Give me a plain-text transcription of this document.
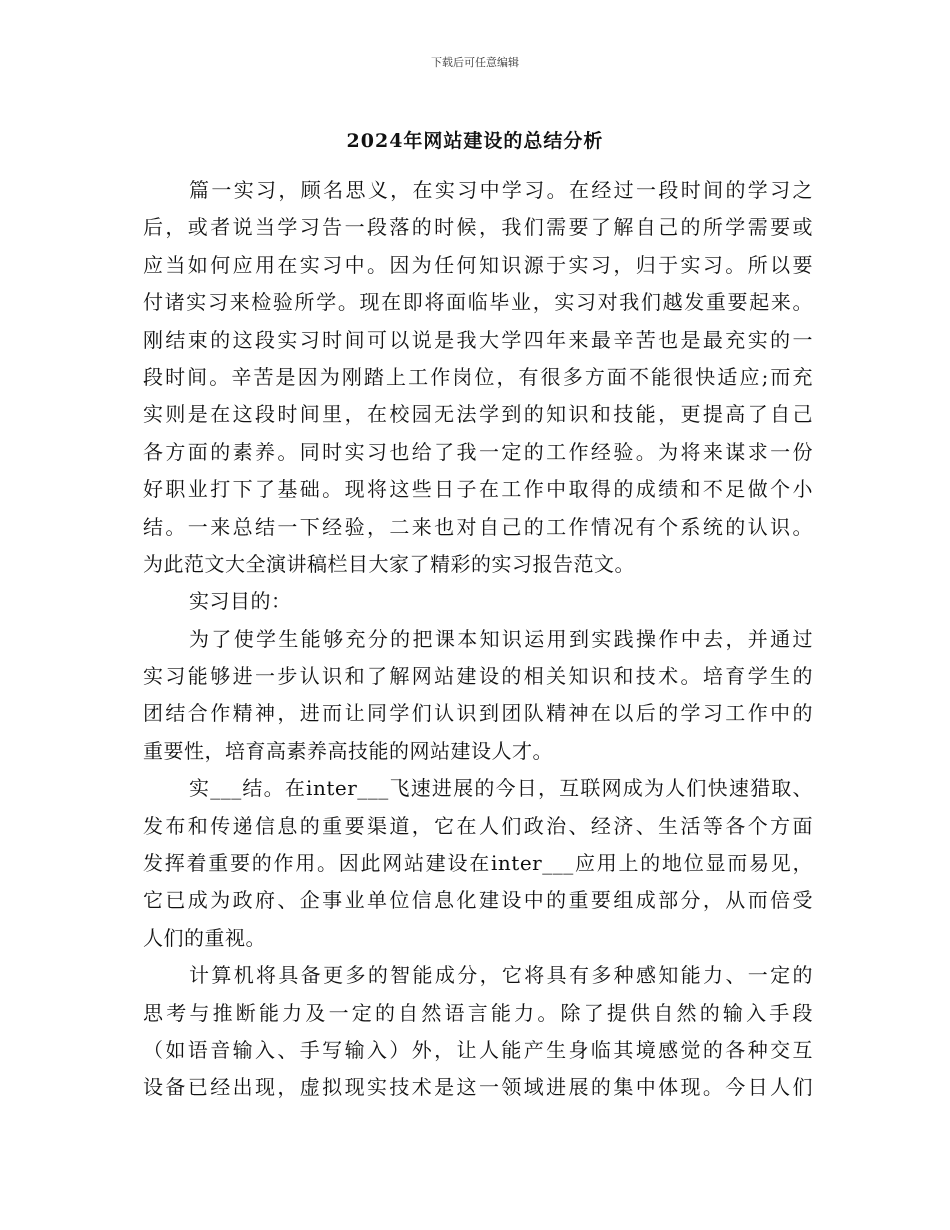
下载后可任意编辑
2024年网站建设的总结分析
篇一实习，顾名思义，在实习中学习。在经过一段时间的学习之
后，或者说当学习告一段落的时候，我们需要了解自己的所学需要或
应当如何应用在实习中。因为任何知识源于实习，归于实习。所以要
付诸实习来检验所学。现在即将面临毕业，实习对我们越发重要起来。
刚结束的这段实习时间可以说是我大学四年来最辛苦也是最充实的一
段时间。辛苦是因为刚踏上工作岗位，有很多方面不能很快适应;而充
实则是在这段时间里，在校园无法学到的知识和技能，更提高了自己
各方面的素养。同时实习也给了我一定的工作经验。为将来谋求一份
好职业打下了基础。现将这些日子在工作中取得的成绩和不足做个小
结。一来总结一下经验，二来也对自己的工作情况有个系统的认识。
为此范文大全演讲稿栏目大家了精彩的实习报告范文。
实习目的：
为了使学生能够充分的把课本知识运用到实践操作中去，并通过
实习能够进一步认识和了解网站建设的相关知识和技术。培育学生的
团结合作精神，进而让同学们认识到团队精神在以后的学习工作中的
重要性，培育高素养高技能的网站建设人才。
实___结。在inter___飞速进展的今日，互联网成为人们快速猎取、
发布和传递信息的重要渠道，它在人们政治、经济、生活等各个方面
发挥着重要的作用。因此网站建设在inter___应用上的地位显而易见，
它已成为政府、企事业单位信息化建设中的重要组成部分，从而倍受
人们的重视。
计算机将具备更多的智能成分，它将具有多种感知能力、一定的
思考与推断能力及一定的自然语言能力。除了提供自然的输入手段
（如语音输入、手写输入）外，让人能产生身临其境感觉的各种交互
设备已经出现，虚拟现实技术是这一领域进展的集中体现。今日人们
